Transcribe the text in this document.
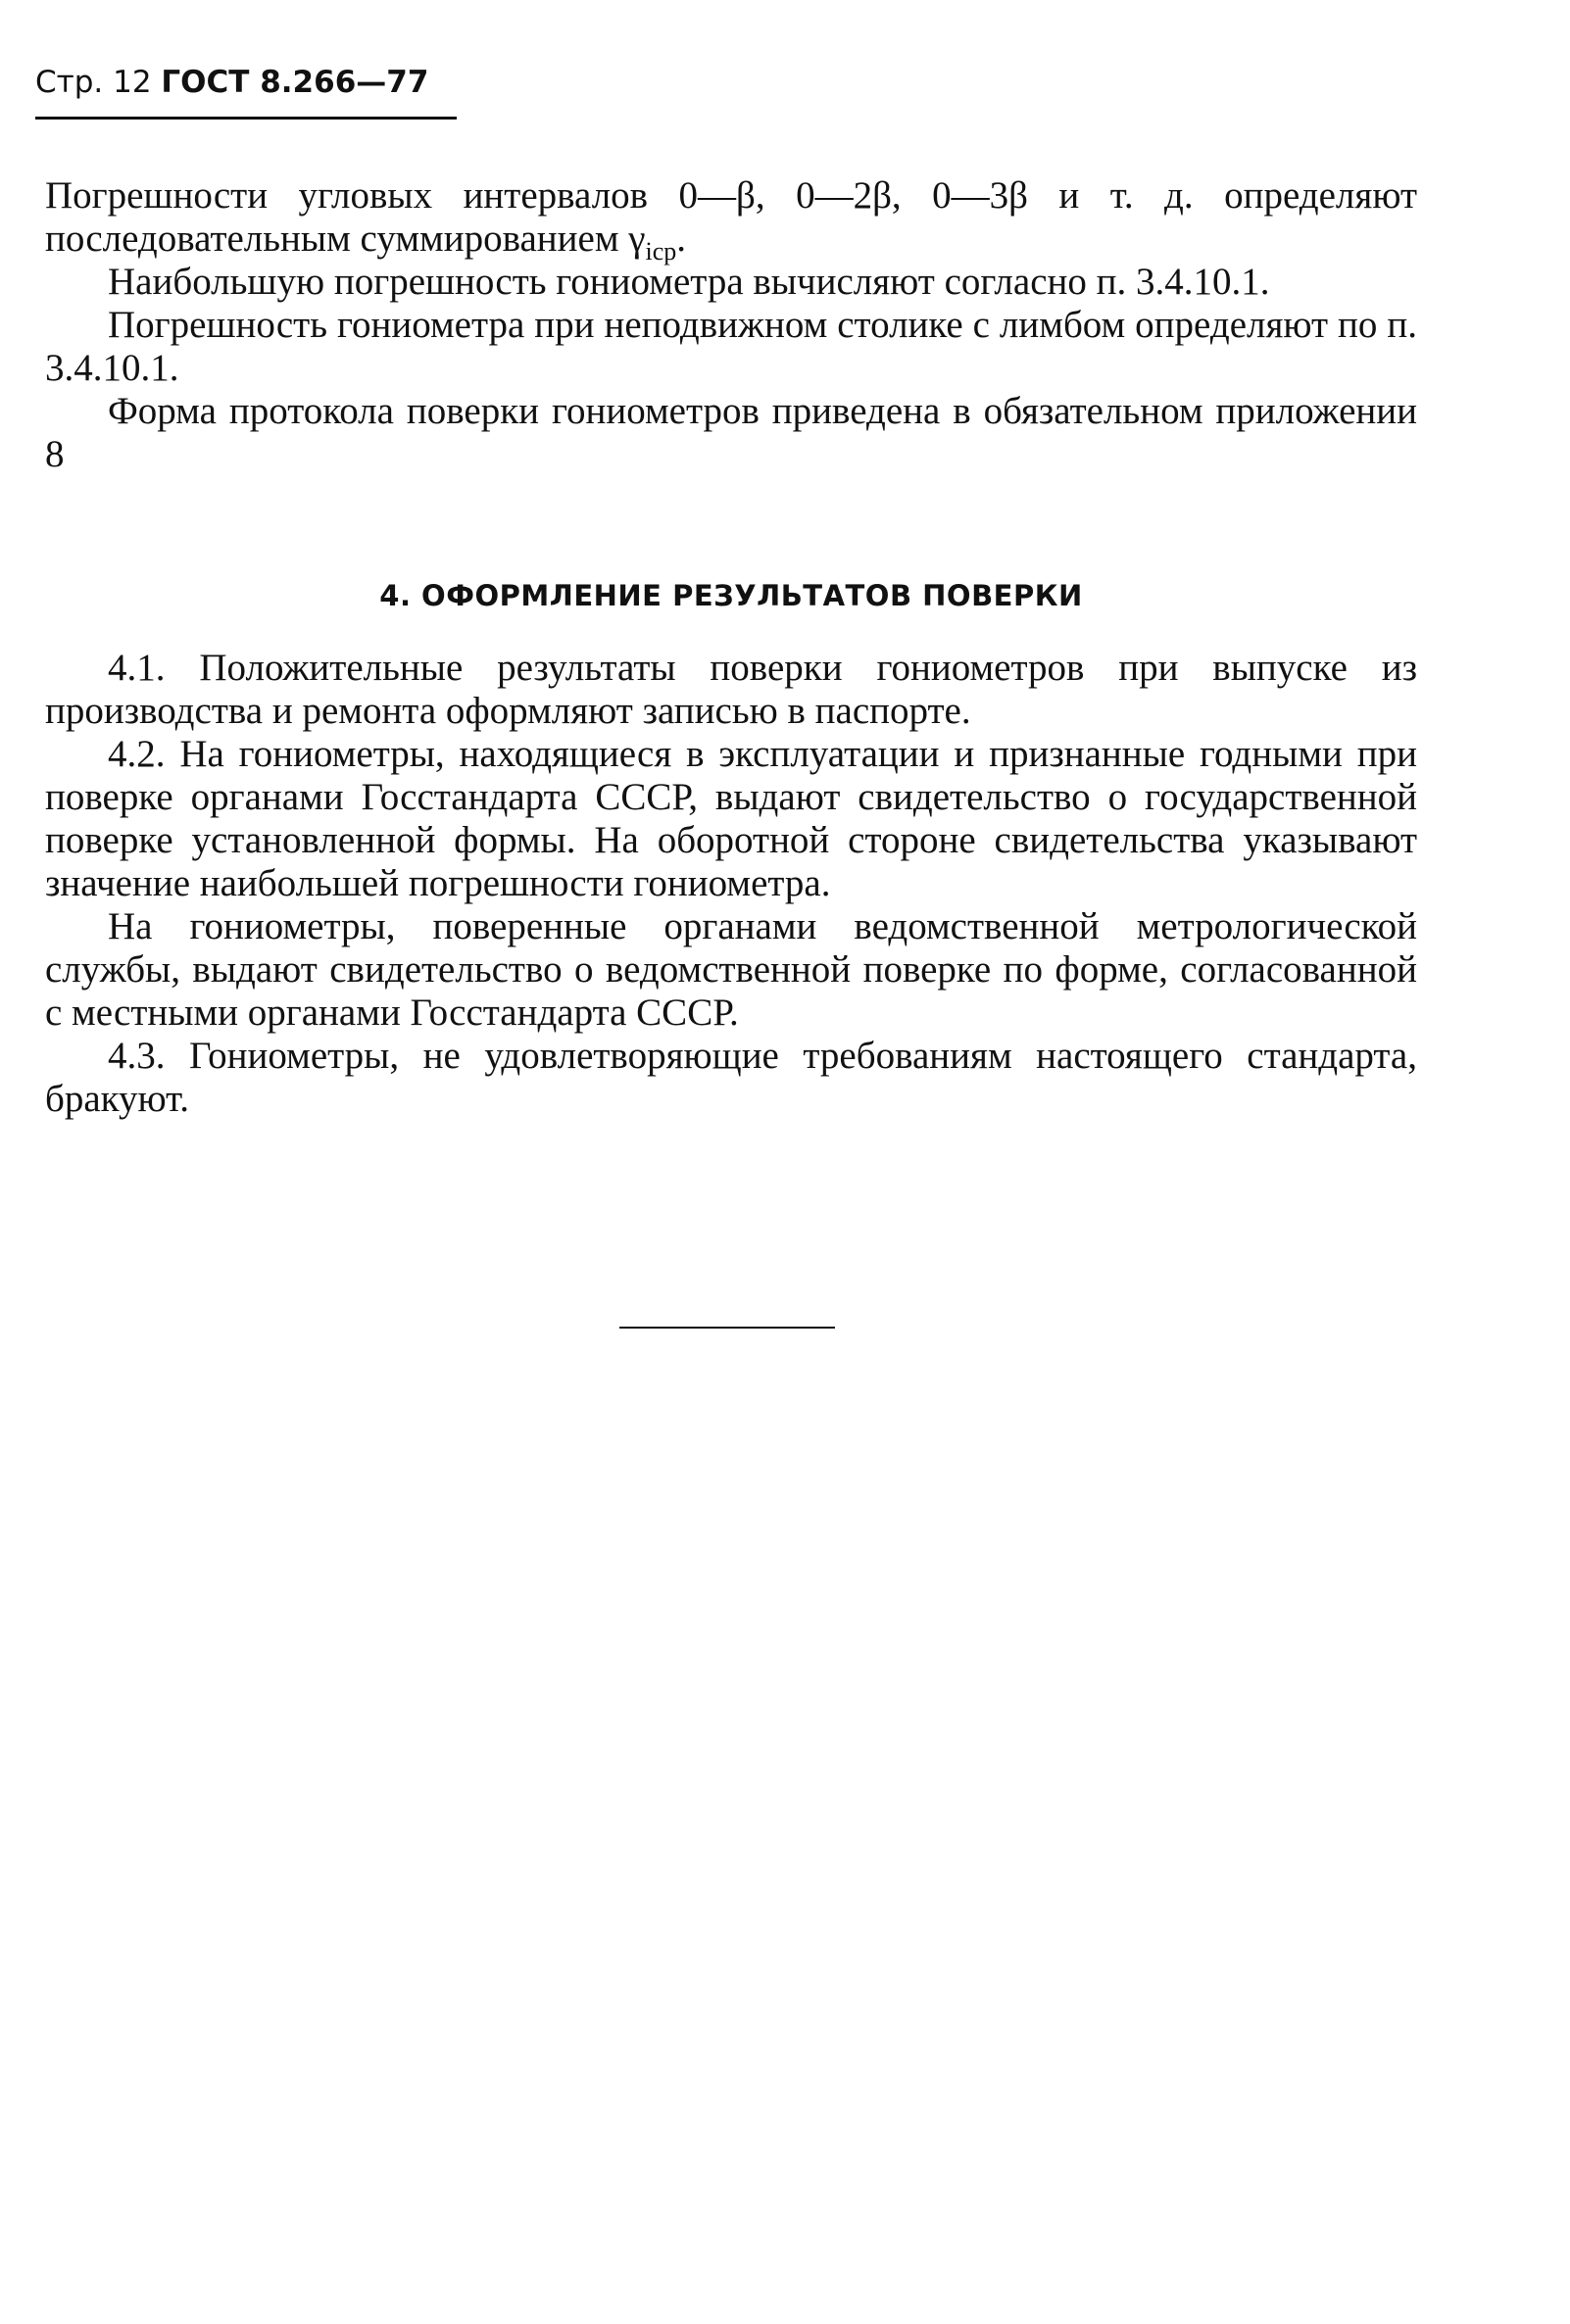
Стр. 12 ГОСТ 8.266—77

Погрешности угловых интервалов 0—β, 0—2β, 0—3β и т. д. определяют последовательным суммированием $\gamma_{iср}$.

Наибольшую погрешность гониометра вычисляют согласно п. 3.4.10.1.

Погрешность гониометра при неподвижном столике с лимбом определяют по п. 3.4.10.1.

Форма протокола поверки гониометров приведена в обязательном приложении 8

4. ОФОРМЛЕНИЕ РЕЗУЛЬТАТОВ ПОВЕРКИ

4.1. Положительные результаты поверки гониометров при выпуске из производства и ремонта оформляют записью в паспорте.

4.2. На гониометры, находящиеся в эксплуатации и признанные годными при поверке органами Госстандарта СССР, выдают свидетельство о государственной поверке установленной формы. На оборотной стороне свидетельства указывают значение наибольшей погрешности гониометра.

На гониометры, поверенные органами ведомственной метрологической службы, выдают свидетельство о ведомственной поверке по форме, согласованной с местными органами Госстандарта СССР.

4.3. Гониометры, не удовлетворяющие требованиям настоящего стандарта, бракуют.
